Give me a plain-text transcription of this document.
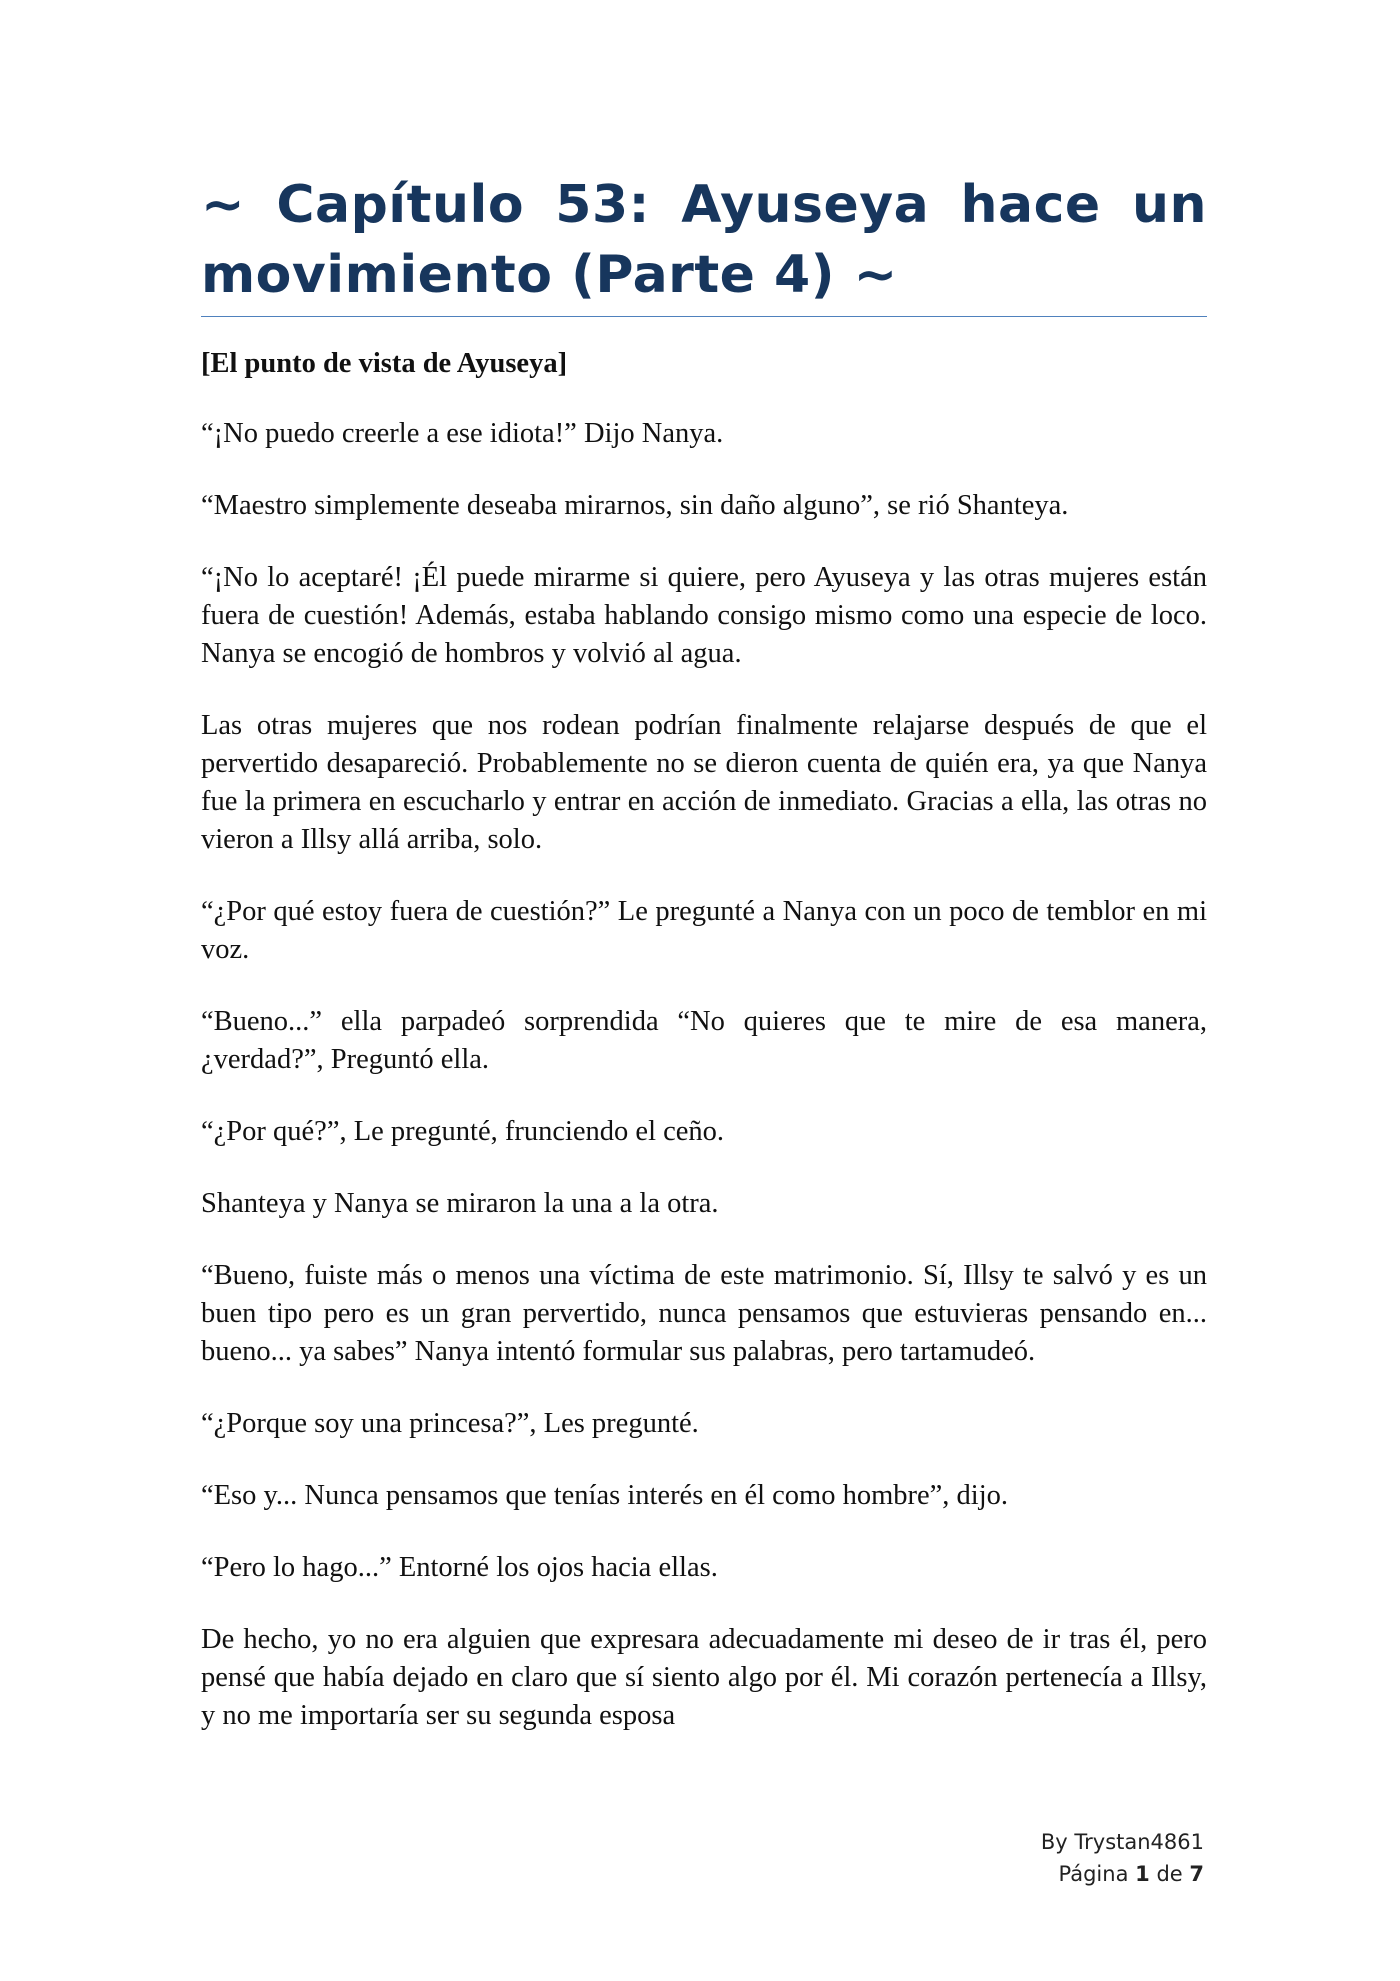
~ Capítulo 53: Ayuseya hace un movimiento (Parte 4) ~
[El punto de vista de Ayuseya]

“¡No puedo creerle a ese idiota!” Dijo Nanya.

“Maestro simplemente deseaba mirarnos, sin daño alguno”, se rió Shanteya.

“¡No lo aceptaré! ¡Él puede mirarme si quiere, pero Ayuseya y las otras mujeres están fuera de cuestión! Además, estaba hablando consigo mismo como una especie de loco. Nanya se encogió de hombros y volvió al agua.

Las otras mujeres que nos rodean podrían finalmente relajarse después de que el pervertido desapareció. Probablemente no se dieron cuenta de quién era, ya que Nanya fue la primera en escucharlo y entrar en acción de inmediato. Gracias a ella, las otras no vieron a Illsy allá arriba, solo.

“¿Por qué estoy fuera de cuestión?” Le pregunté a Nanya con un poco de temblor en mi voz.

“Bueno...” ella parpadeó sorprendida “No quieres que te mire de esa manera, ¿verdad?”, Preguntó ella.

“¿Por qué?”, Le pregunté, frunciendo el ceño.

Shanteya y Nanya se miraron la una a la otra.

“Bueno, fuiste más o menos una víctima de este matrimonio. Sí, Illsy te salvó y es un buen tipo pero es un gran pervertido, nunca pensamos que estuvieras pensando en... bueno... ya sabes” Nanya intentó formular sus palabras, pero tartamudeó.

“¿Porque soy una princesa?”, Les pregunté.

“Eso y... Nunca pensamos que tenías interés en él como hombre”, dijo.

“Pero lo hago...” Entorné los ojos hacia ellas.

De hecho, yo no era alguien que expresara adecuadamente mi deseo de ir tras él, pero pensé que había dejado en claro que sí siento algo por él. Mi corazón pertenecía a Illsy, y no me importaría ser su segunda esposa

By Trystan4861
Página 1 de 7
